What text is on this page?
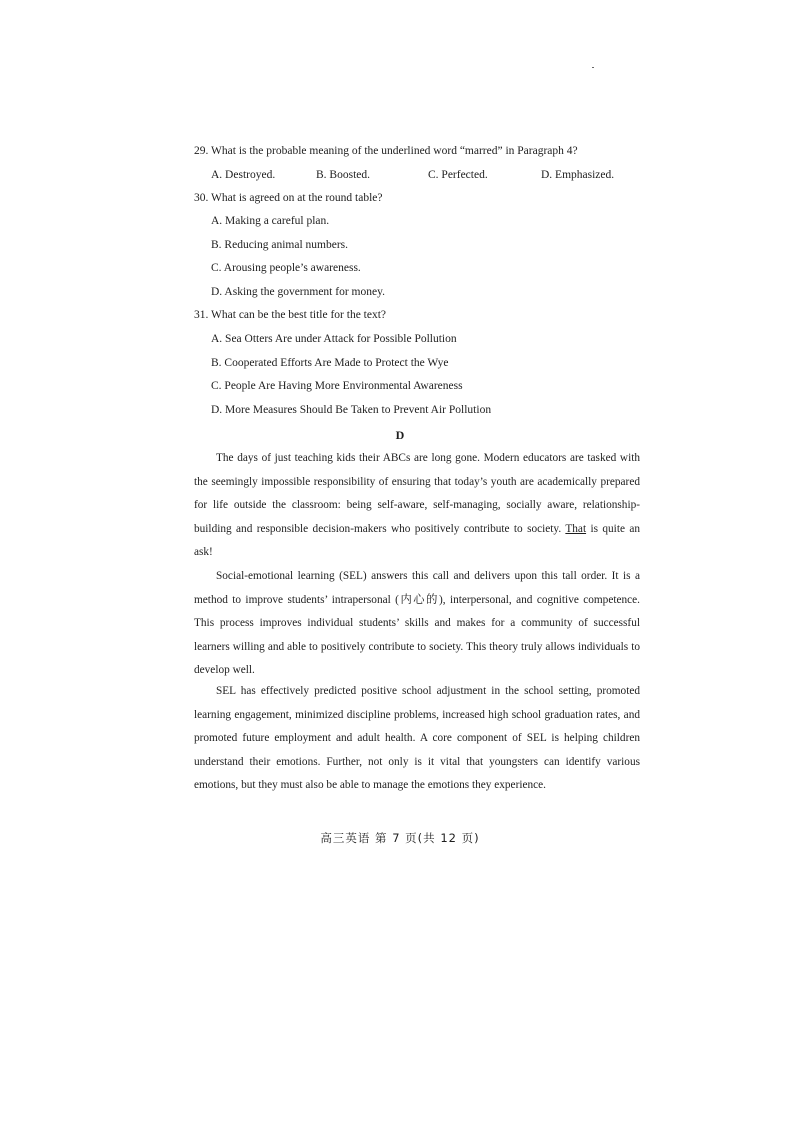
29. What is the probable meaning of the underlined word “marred” in Paragraph 4?
A. Destroyed.	B. Boosted.	C. Perfected.	D. Emphasized.
30. What is agreed on at the round table?
A. Making a careful plan.
B. Reducing animal numbers.
C. Arousing people’s awareness.
D. Asking the government for money.
31. What can be the best title for the text?
A. Sea Otters Are under Attack for Possible Pollution
B. Cooperated Efforts Are Made to Protect the Wye
C. People Are Having More Environmental Awareness
D. More Measures Should Be Taken to Prevent Air Pollution
D

The days of just teaching kids their ABCs are long gone. Modern educators are tasked with the seemingly impossible responsibility of ensuring that today’s youth are academically prepared for life outside the classroom: being self-aware, self-managing, socially aware, relationship-building and responsible decision-makers who positively contribute to society. That is quite an ask!

Social-emotional learning (SEL) answers this call and delivers upon this tall order. It is a method to improve students’ intrapersonal (内心的), interpersonal, and cognitive competence. This process improves individual students’ skills and makes for a community of successful learners willing and able to positively contribute to society. This theory truly allows individuals to develop well.

SEL has effectively predicted positive school adjustment in the school setting, promoted learning engagement, minimized discipline problems, increased high school graduation rates, and promoted future employment and adult health. A core component of SEL is helping children understand their emotions. Further, not only is it vital that youngsters can identify various emotions, but they must also be able to manage the emotions they experience.

高三英语 第 7 页(共 12 页)
